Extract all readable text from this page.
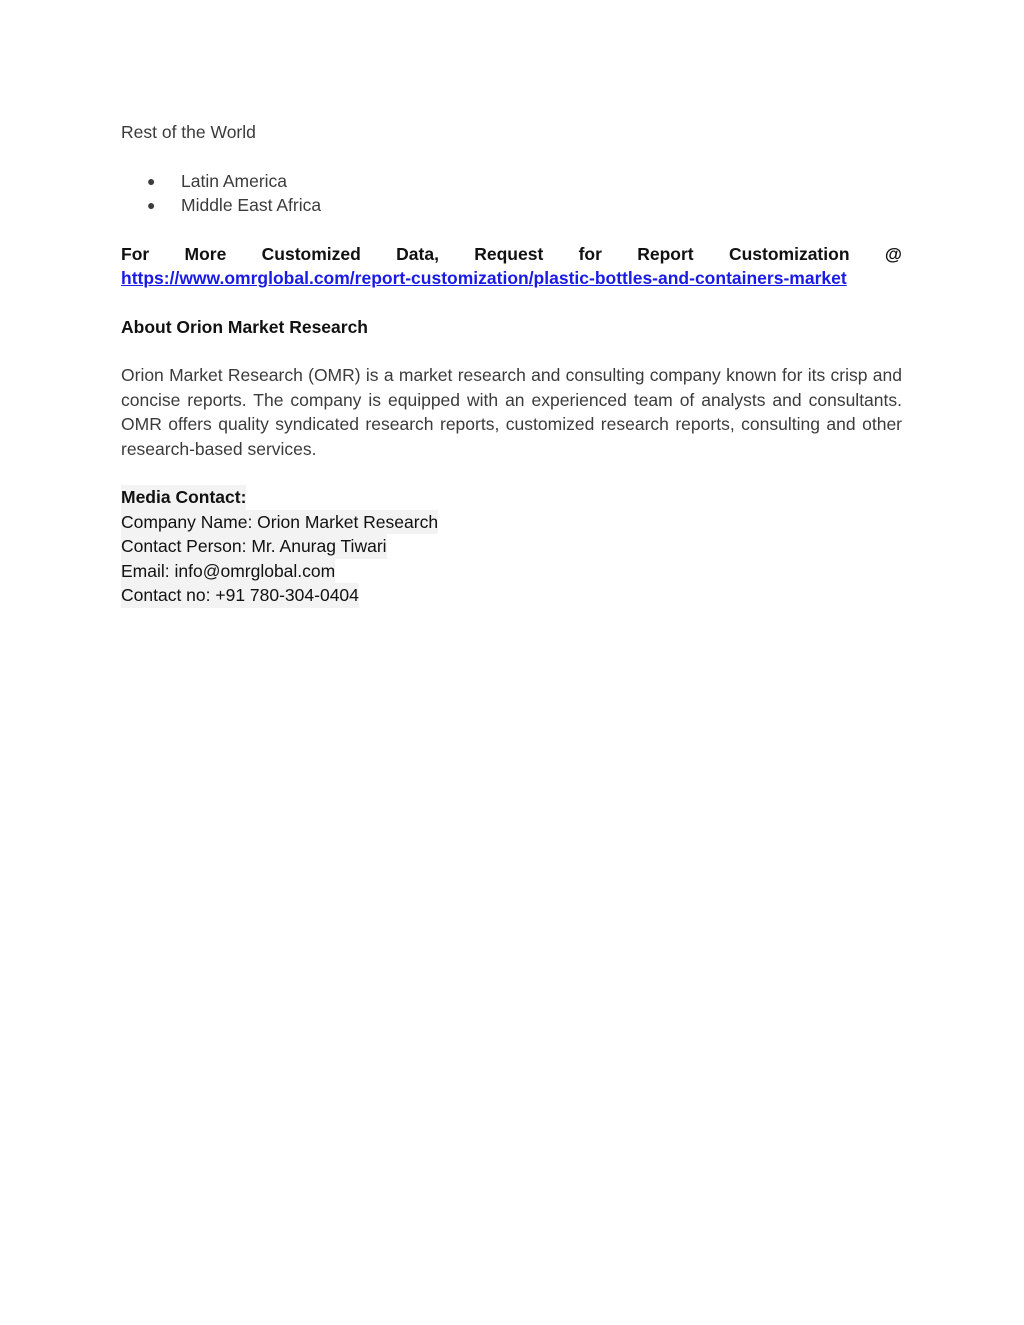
Rest of the World
● Latin America
● Middle East Africa
For More Customized Data, Request for Report Customization @
https://www.omrglobal.com/report-customization/plastic-bottles-and-containers-market
About Orion Market Research
Orion Market Research (OMR) is a market research and consulting company known for its crisp and concise reports. The company is equipped with an experienced team of analysts and consultants. OMR offers quality syndicated research reports, customized research reports, consulting and other research-based services.
Media Contact:
Company Name: Orion Market Research
Contact Person: Mr. Anurag Tiwari
Email: info@omrglobal.com
Contact no: +91 780-304-0404
